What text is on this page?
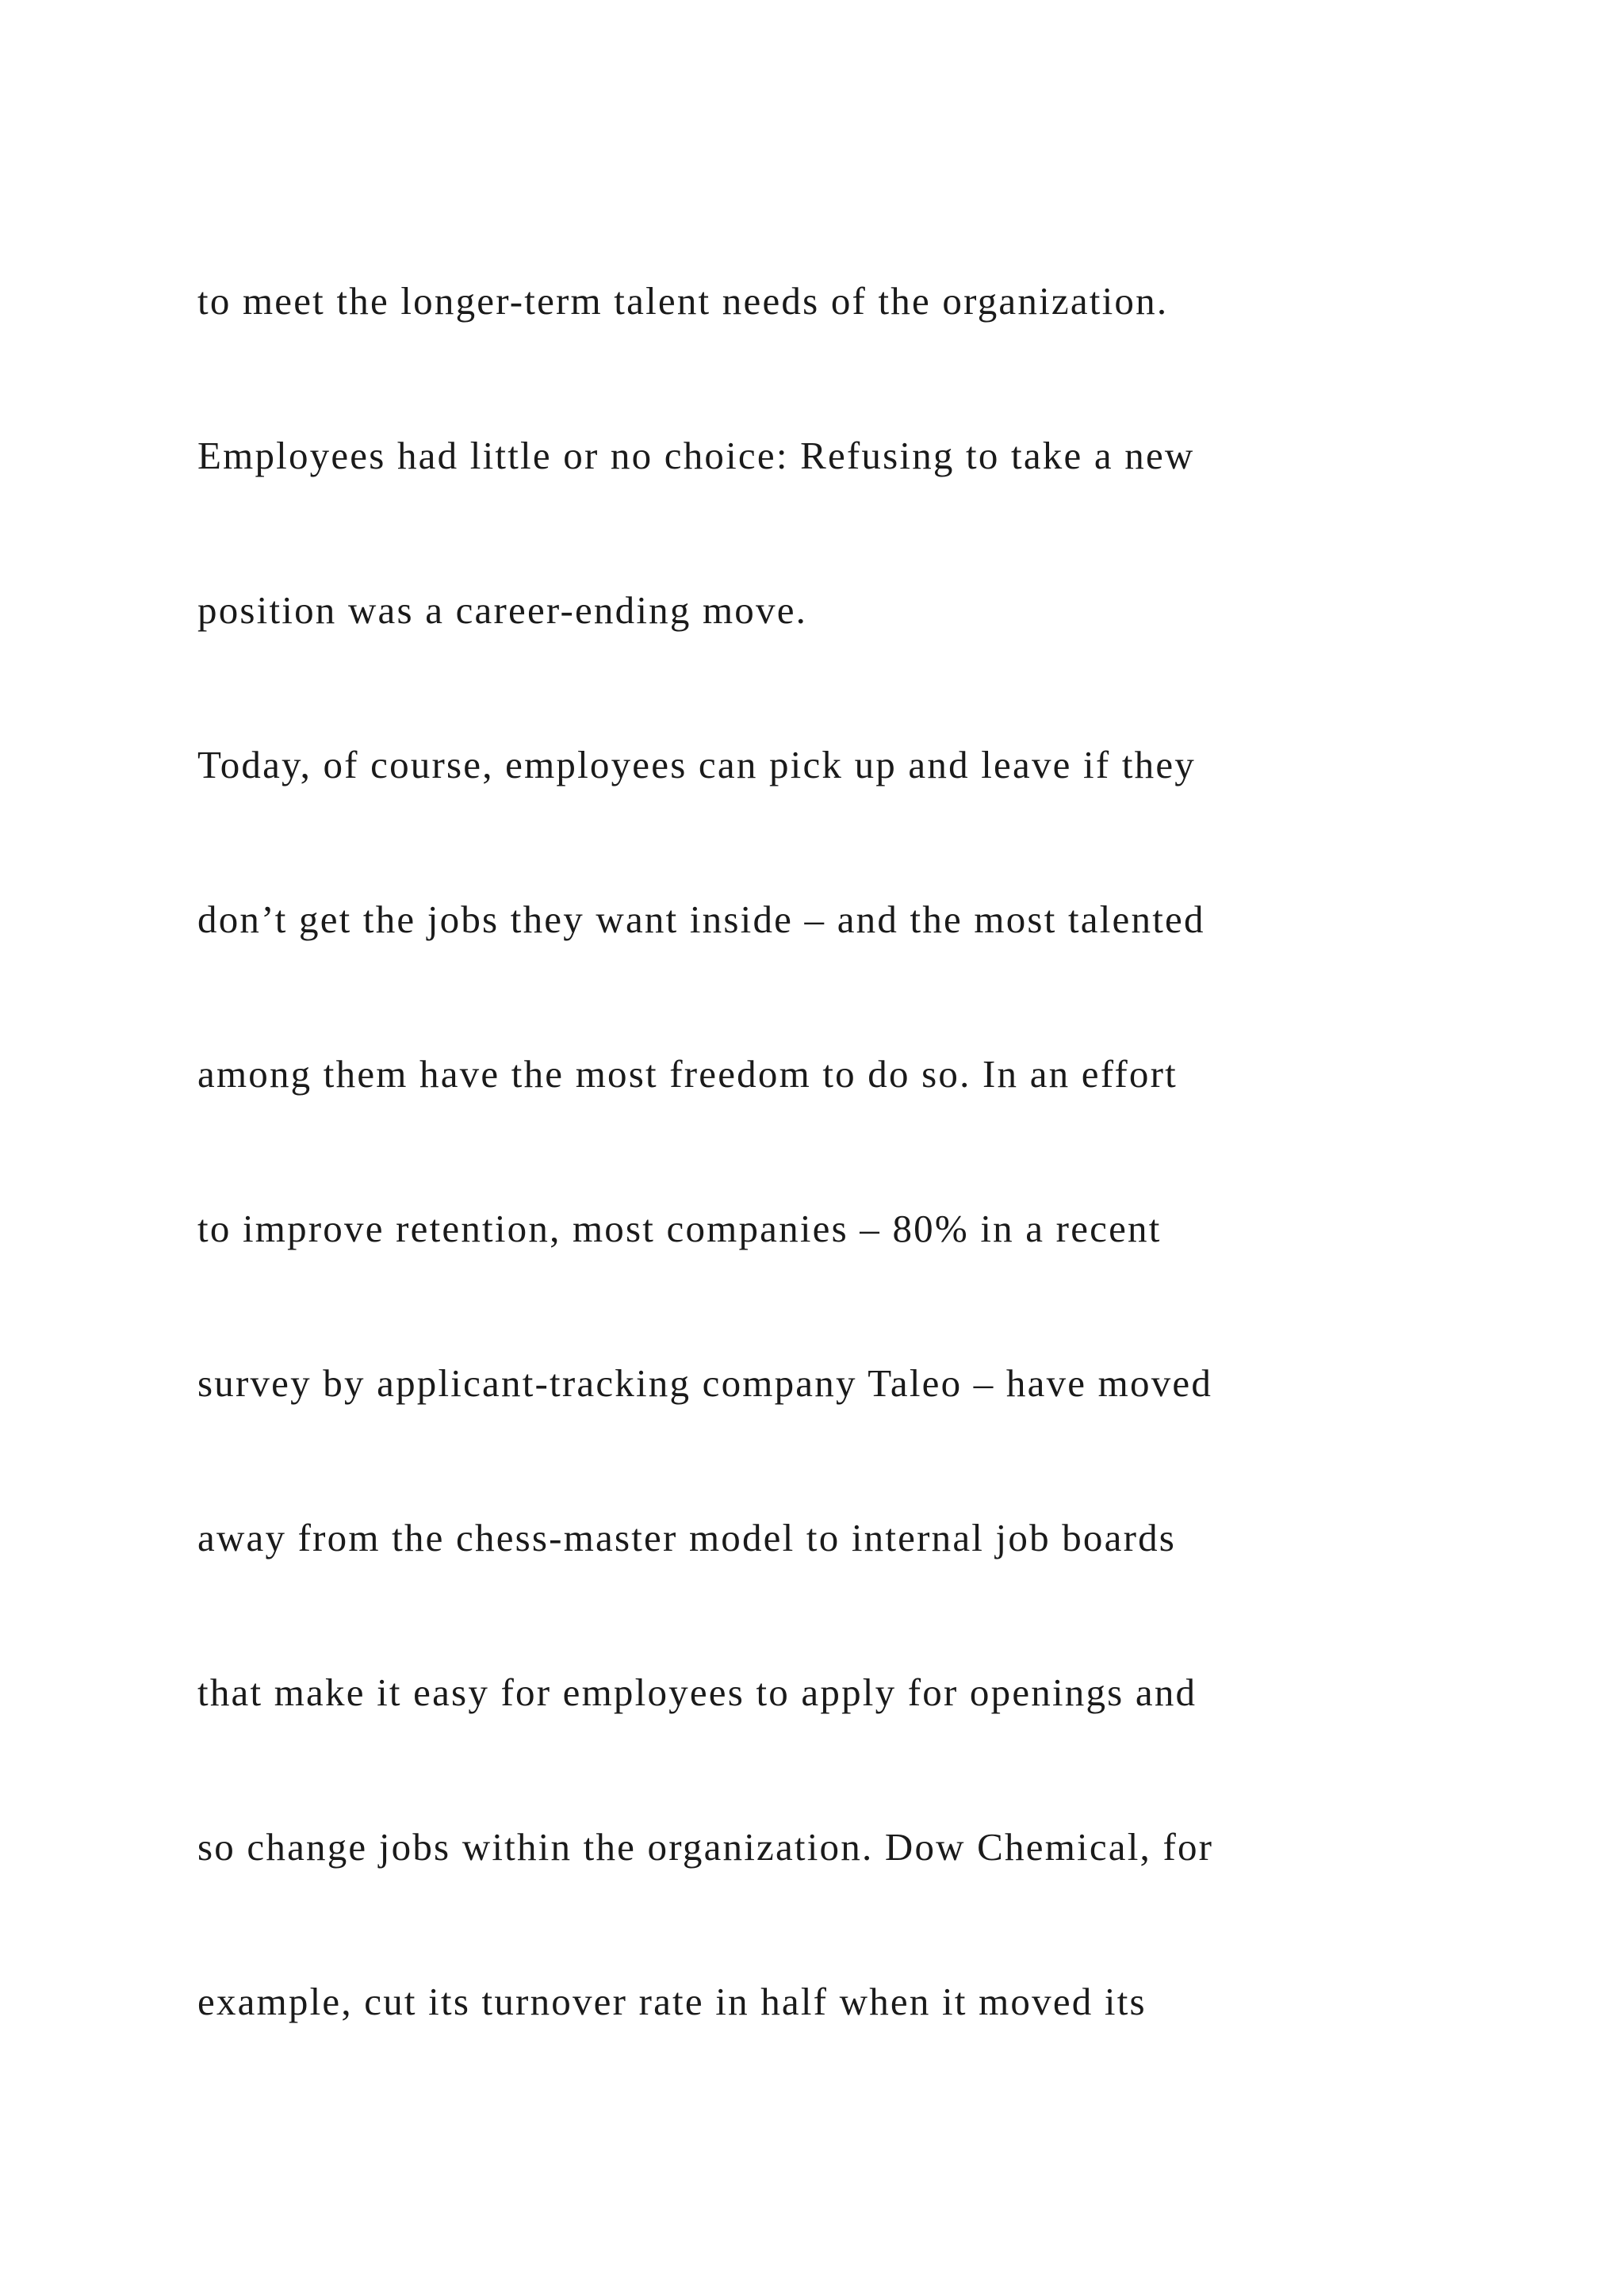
to meet the longer-term talent needs of the organization.
Employees had little or no choice: Refusing to take a new
position was a career-ending move.
Today, of course, employees can pick up and leave if they
don’t get the jobs they want inside – and the most talented
among them have the most freedom to do so. In an effort
to improve retention, most companies – 80% in a recent
survey by applicant-tracking company Taleo – have moved
away from the chess-master model to internal job boards
that make it easy for employees to apply for openings and
so change jobs within the organization. Dow Chemical, for
example, cut its turnover rate in half when it moved its
